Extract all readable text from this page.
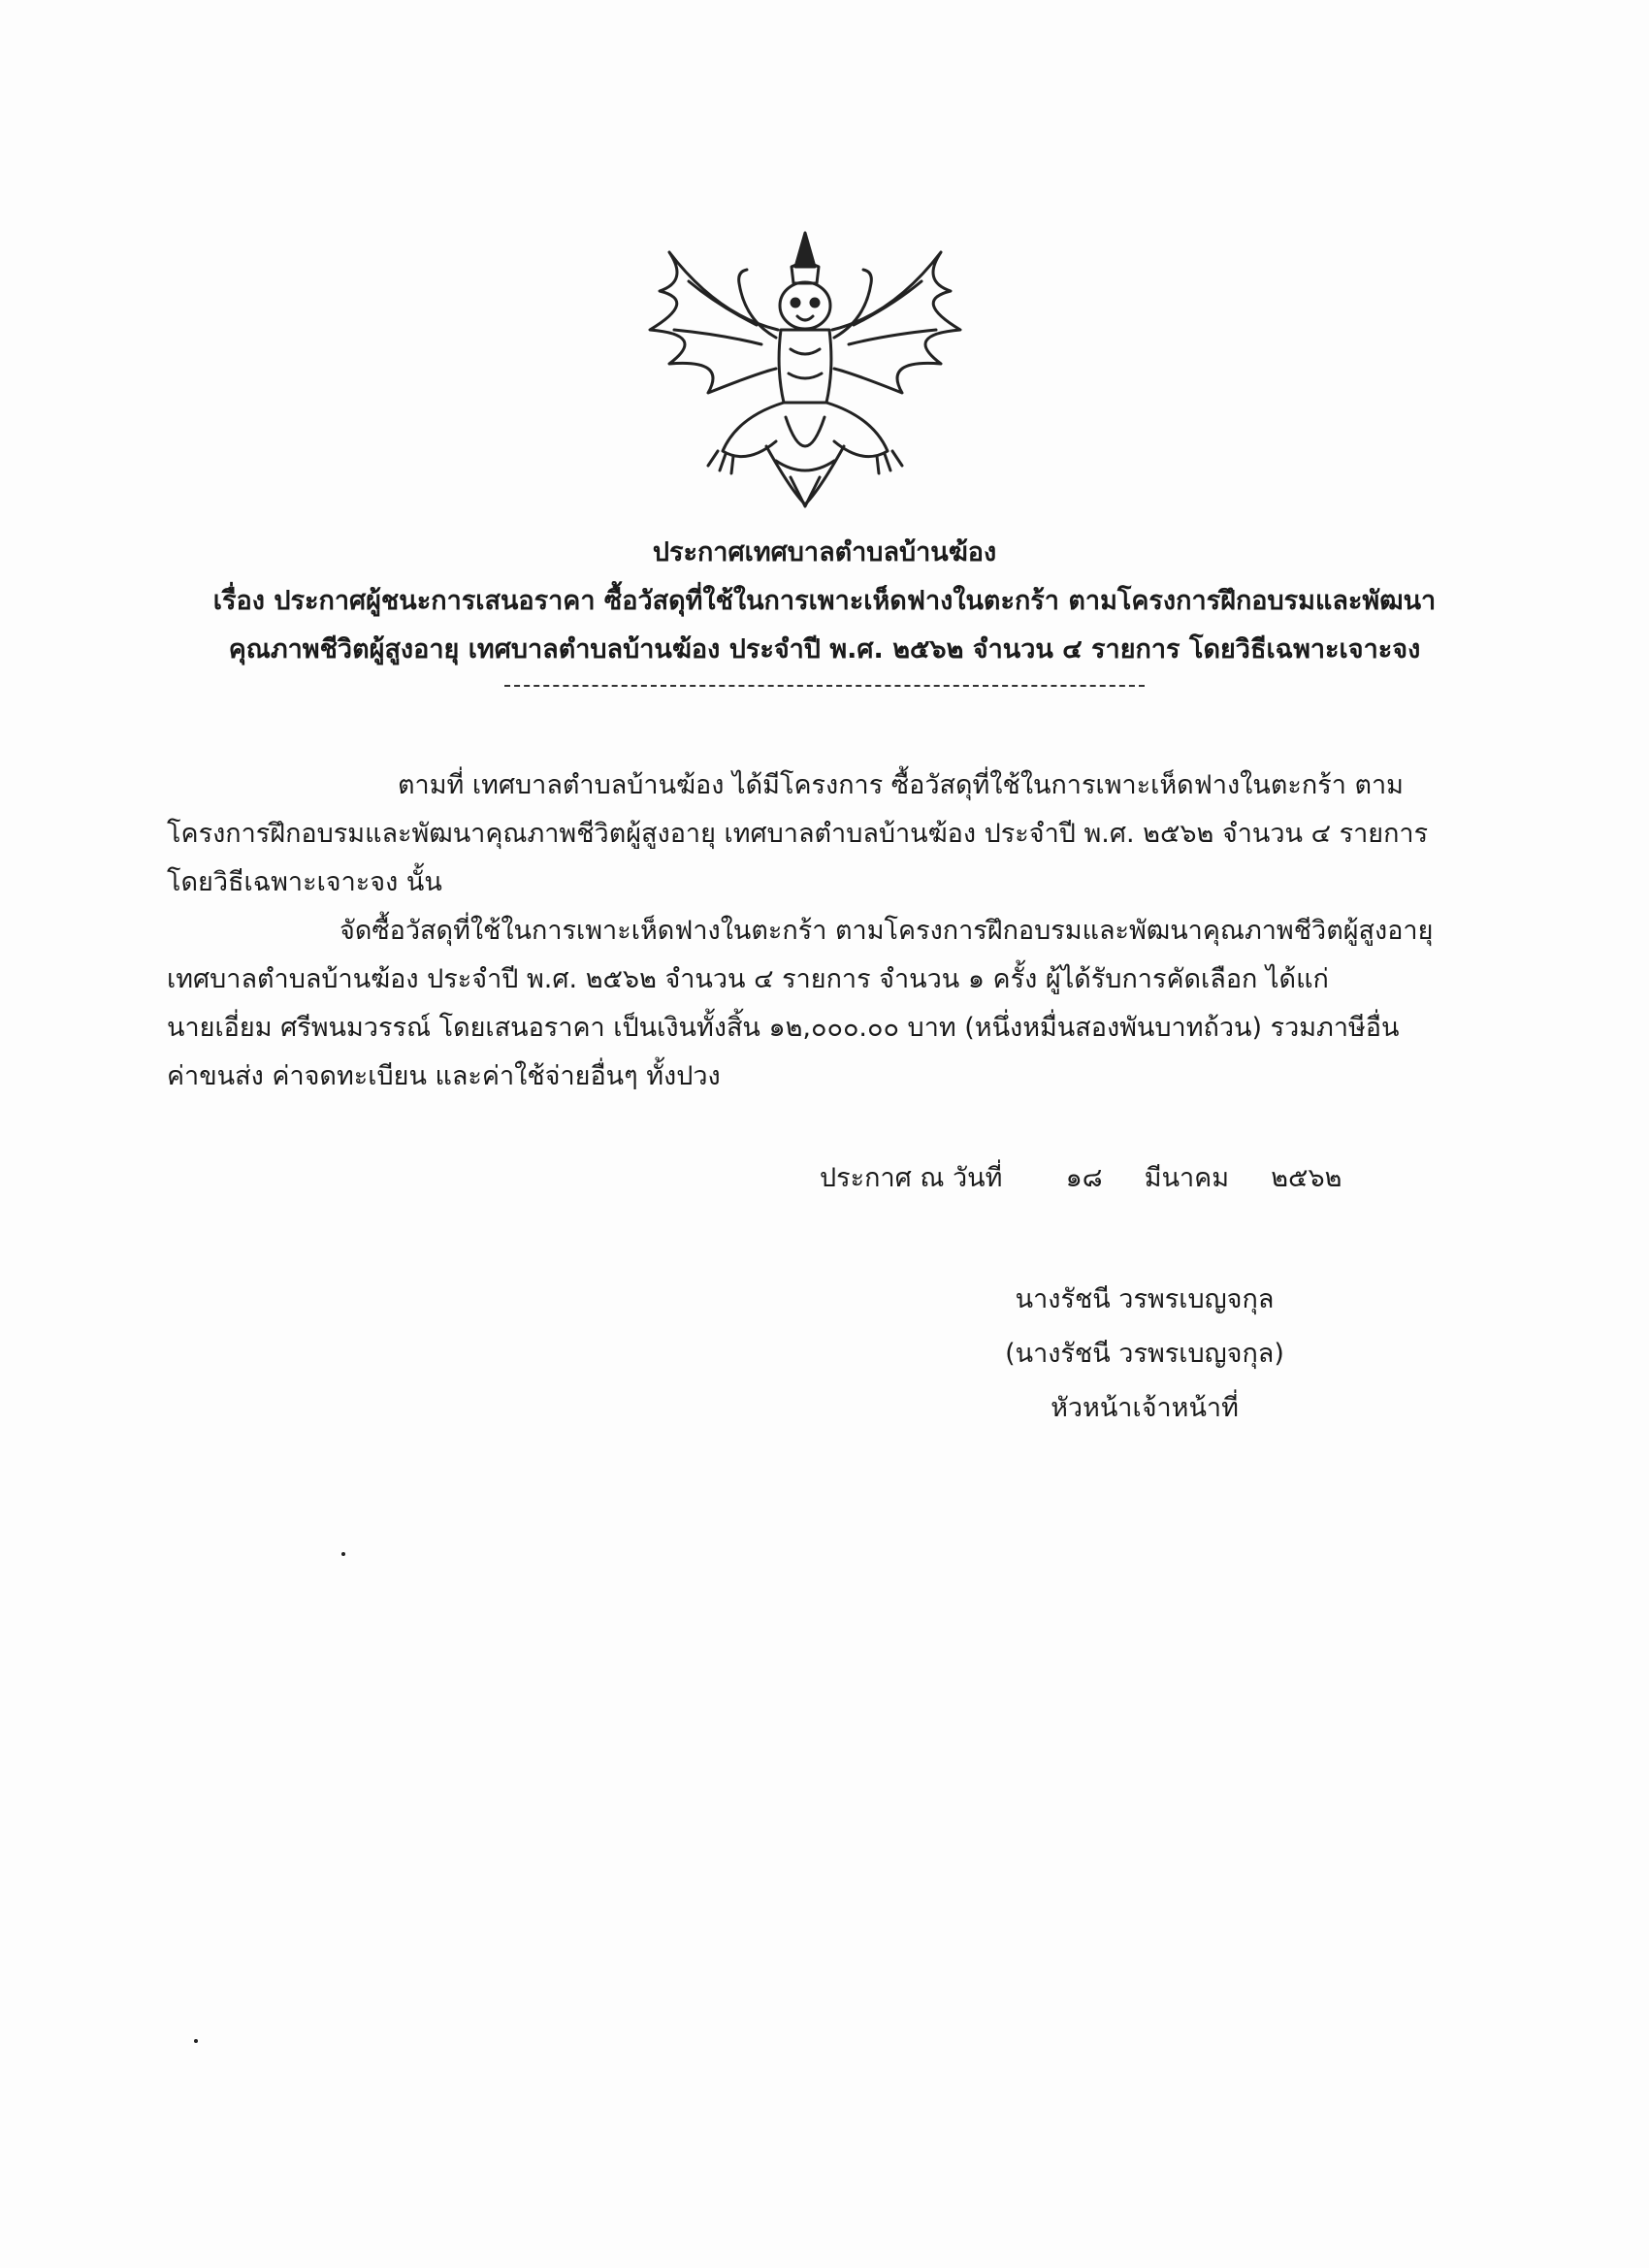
ประกาศเทศบาลตำบลบ้านฆ้อง
เรื่อง ประกาศผู้ชนะการเสนอราคา ซื้อวัสดุที่ใช้ในการเพาะเห็ดฟางในตะกร้า ตามโครงการฝึกอบรมและพัฒนา
คุณภาพชีวิตผู้สูงอายุ เทศบาลตำบลบ้านฆ้อง ประจำปี พ.ศ. ๒๕๖๒ จำนวน ๔ รายการ โดยวิธีเฉพาะเจาะจง
ตามที่ เทศบาลตำบลบ้านฆ้อง ได้มีโครงการ ซื้อวัสดุที่ใช้ในการเพาะเห็ดฟางในตะกร้า ตาม
โครงการฝึกอบรมและพัฒนาคุณภาพชีวิตผู้สูงอายุ เทศบาลตำบลบ้านฆ้อง ประจำปี พ.ศ. ๒๕๖๒ จำนวน ๔ รายการ
โดยวิธีเฉพาะเจาะจง นั้น
จัดซื้อวัสดุที่ใช้ในการเพาะเห็ดฟางในตะกร้า ตามโครงการฝึกอบรมและพัฒนาคุณภาพชีวิตผู้สูงอายุ
เทศบาลตำบลบ้านฆ้อง ประจำปี พ.ศ. ๒๕๖๒ จำนวน ๔ รายการ จำนวน ๑ ครั้ง ผู้ได้รับการคัดเลือก ได้แก่
นายเอี่ยม ศรีพนมวรรณ์ โดยเสนอราคา เป็นเงินทั้งสิ้น ๑๒,๐๐๐.๐๐ บาท (หนึ่งหมื่นสองพันบาทถ้วน) รวมภาษีอื่น
ค่าขนส่ง ค่าจดทะเบียน และค่าใช้จ่ายอื่นๆ ทั้งปวง
ประกาศ ณ วันที่ ๑๘ มีนาคม ๒๕๖๒
นางรัชนี วรพรเบญจกุล
(นางรัชนี วรพรเบญจกุล)
หัวหน้าเจ้าหน้าที่
